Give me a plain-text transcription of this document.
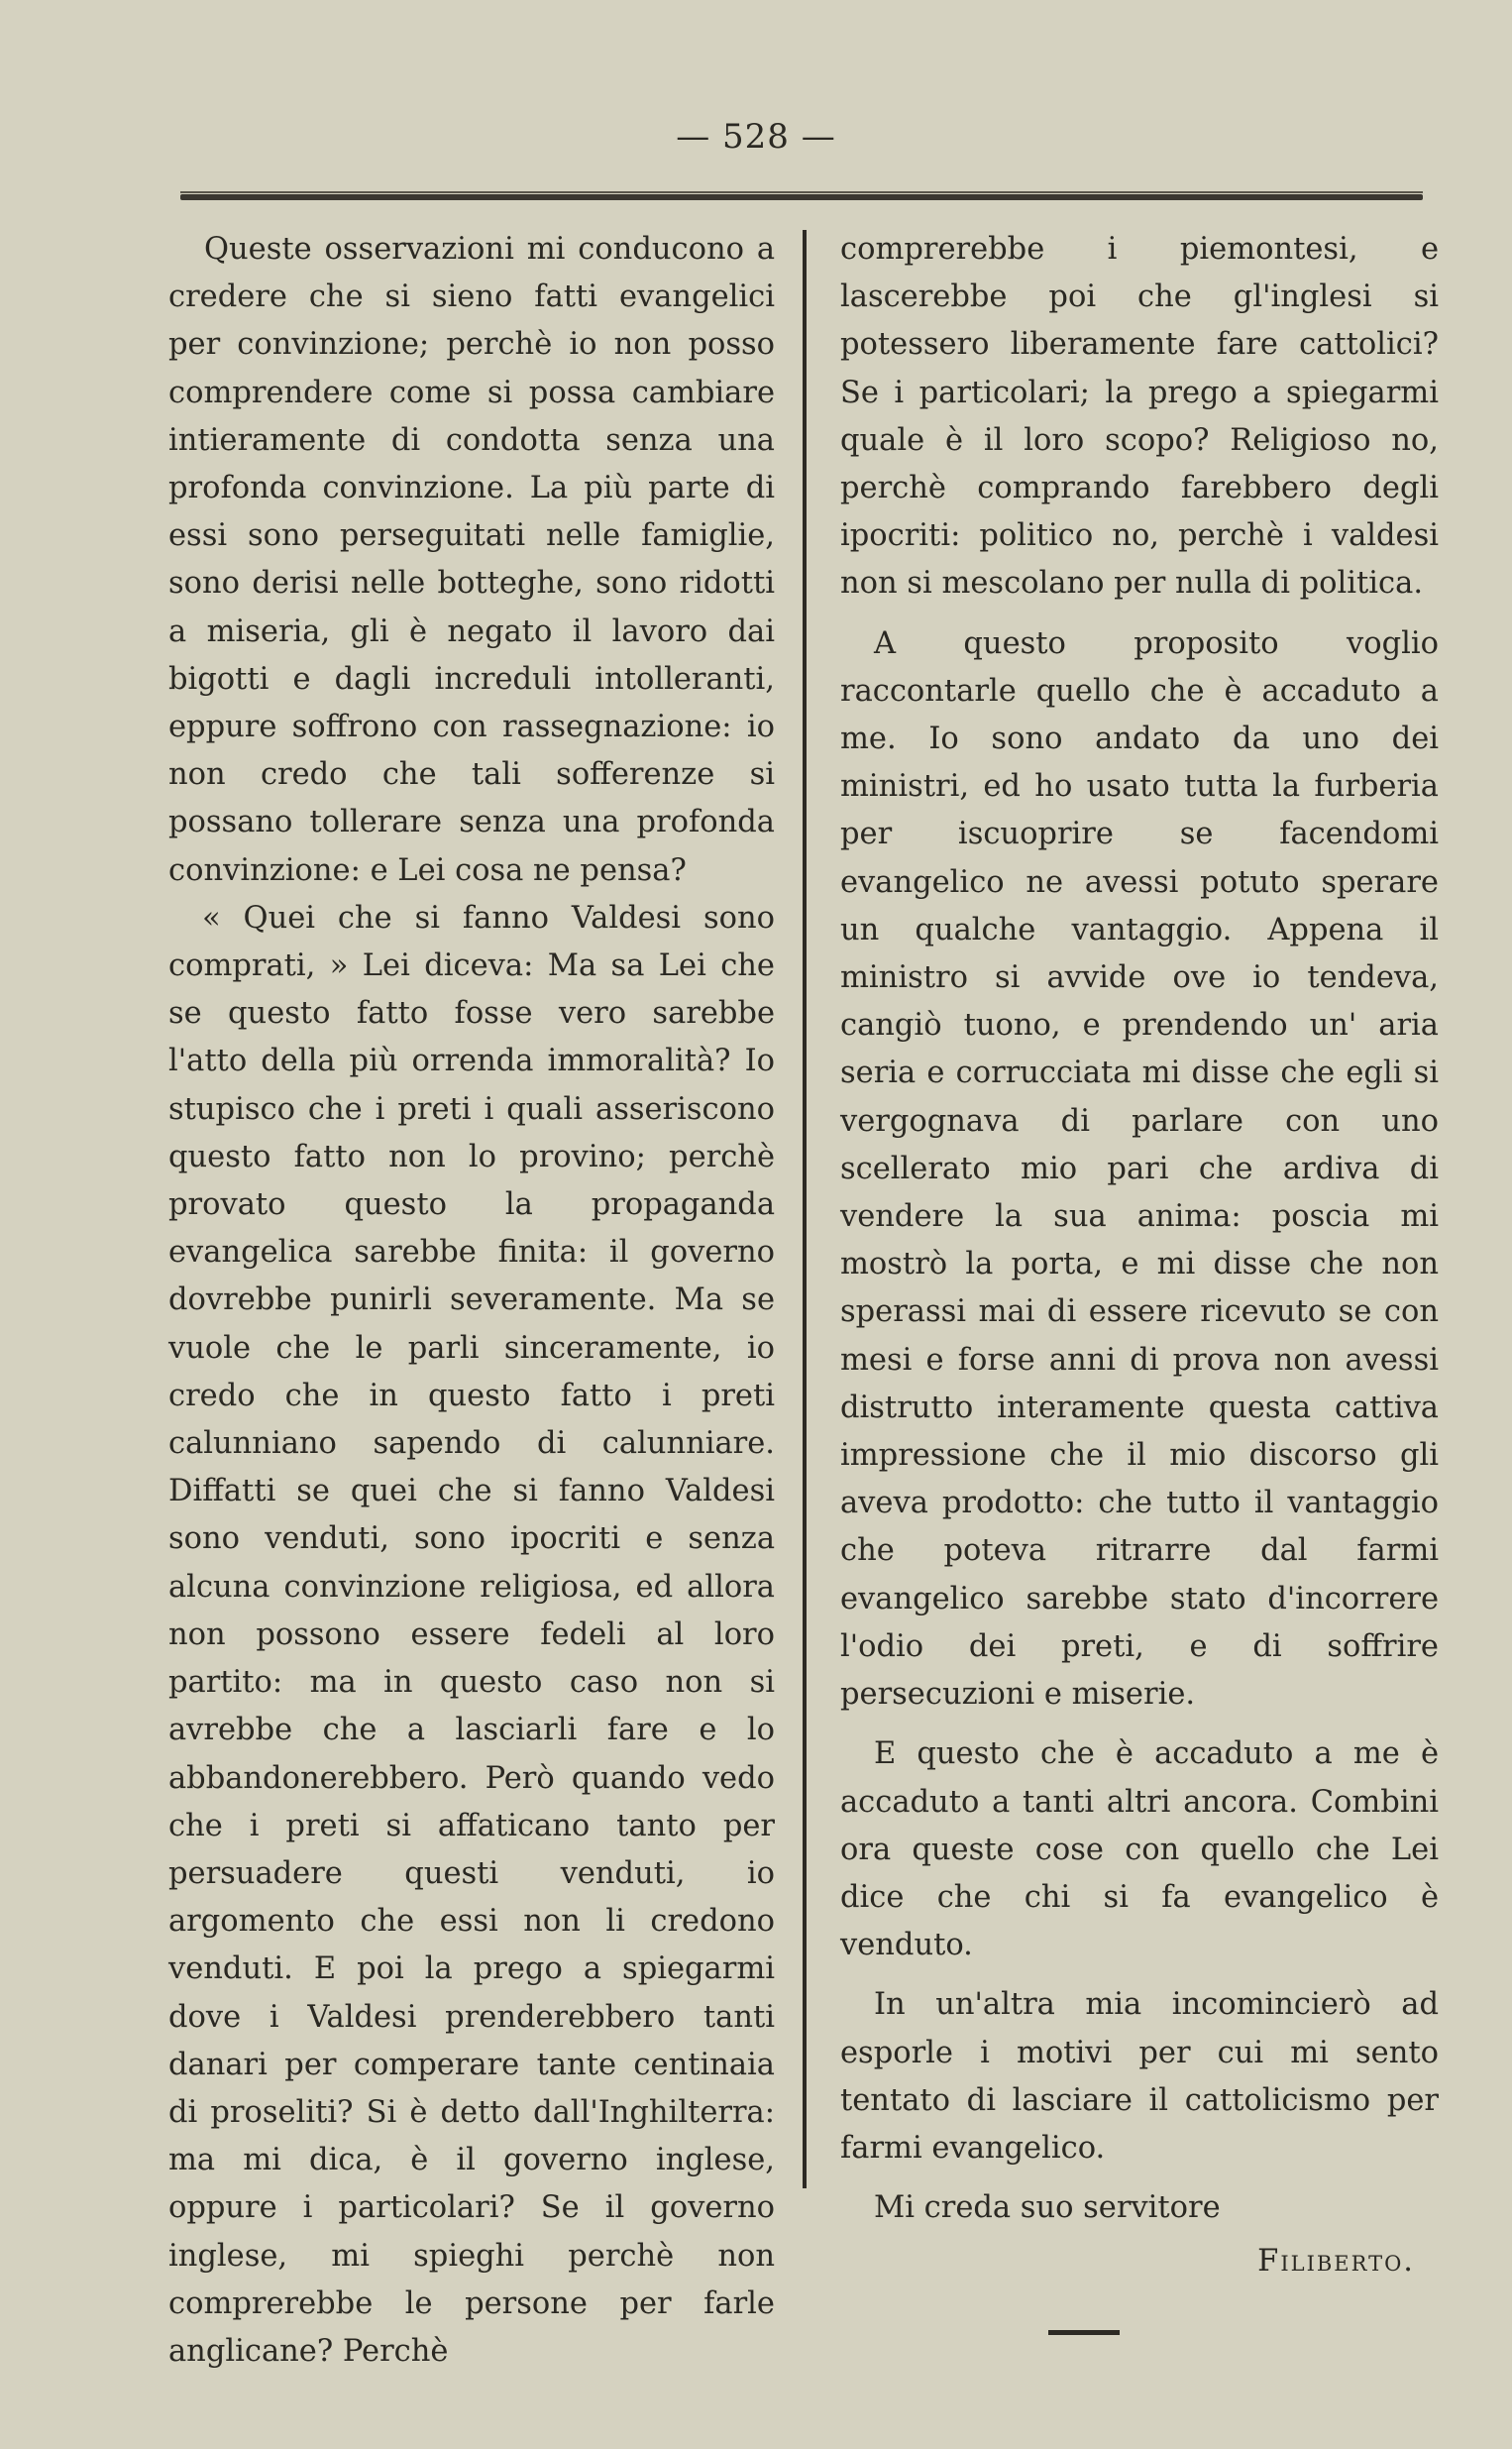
— 528 —

Queste osservazioni mi conducono a credere che si sieno fatti evangelici per convinzione; perchè io non posso comprendere come si possa cambiare intieramente di condotta senza una profonda convinzione. La più parte di essi sono perseguitati nelle famiglie, sono derisi nelle botteghe, sono ridotti a miseria, gli è negato il lavoro dai bigotti e dagli increduli intolleranti, eppure soffrono con rassegnazione: io non credo che tali sofferenze si possano tollerare senza una profonda convinzione: e Lei cosa ne pensa?

« Quei che si fanno Valdesi sono comprati, » Lei diceva: Ma sa Lei che se questo fatto fosse vero sarebbe l'atto della più orrenda immoralità? Io stupisco che i preti i quali asseriscono questo fatto non lo provino; perchè provato questo la propaganda evangelica sarebbe finita: il governo dovrebbe punirli severamente. Ma se vuole che le parli sinceramente, io credo che in questo fatto i preti calunniano sapendo di calunniare. Diffatti se quei che si fanno Valdesi sono venduti, sono ipocriti e senza alcuna convinzione religiosa, ed allora non possono essere fedeli al loro partito: ma in questo caso non si avrebbe che a lasciarli fare e lo abbandonerebbero. Però quando vedo che i preti si affaticano tanto per persuadere questi venduti, io argomento che essi non li credono venduti. E poi la prego a spiegarmi dove i Valdesi prenderebbero tanti danari per comperare tante centinaia di proseliti? Si è detto dall'Inghilterra: ma mi dica, è il governo inglese, oppure i particolari? Se il governo inglese, mi spieghi perchè non comprerebbe le persone per farle anglicane? Perchè

comprerebbe i piemontesi, e lascerebbe poi che gl'inglesi si potessero liberamente fare cattolici? Se i particolari; la prego a spiegarmi quale è il loro scopo? Religioso no, perchè comprando farebbero degli ipocriti: politico no, perchè i valdesi non si mescolano per nulla di politica.

A questo proposito voglio raccontarle quello che è accaduto a me. Io sono andato da uno dei ministri, ed ho usato tutta la furberia per iscuoprire se facendomi evangelico ne avessi potuto sperare un qualche vantaggio. Appena il ministro si avvide ove io tendeva, cangiò tuono, e prendendo un' aria seria e corrucciata mi disse che egli si vergognava di parlare con uno scellerato mio pari che ardiva di vendere la sua anima: poscia mi mostrò la porta, e mi disse che non sperassi mai di essere ricevuto se con mesi e forse anni di prova non avessi distrutto interamente questa cattiva impressione che il mio discorso gli aveva prodotto: che tutto il vantaggio che poteva ritrarre dal farmi evangelico sarebbe stato d'incorrere l'odio dei preti, e di soffrire persecuzioni e miserie.

E questo che è accaduto a me è accaduto a tanti altri ancora. Combini ora queste cose con quello che Lei dice che chi si fa evangelico è venduto.

In un'altra mia incomincierò ad esporle i motivi per cui mi sento tentato di lasciare il cattolicismo per farmi evangelico.

Mi creda suo servitore

Filiberto.
